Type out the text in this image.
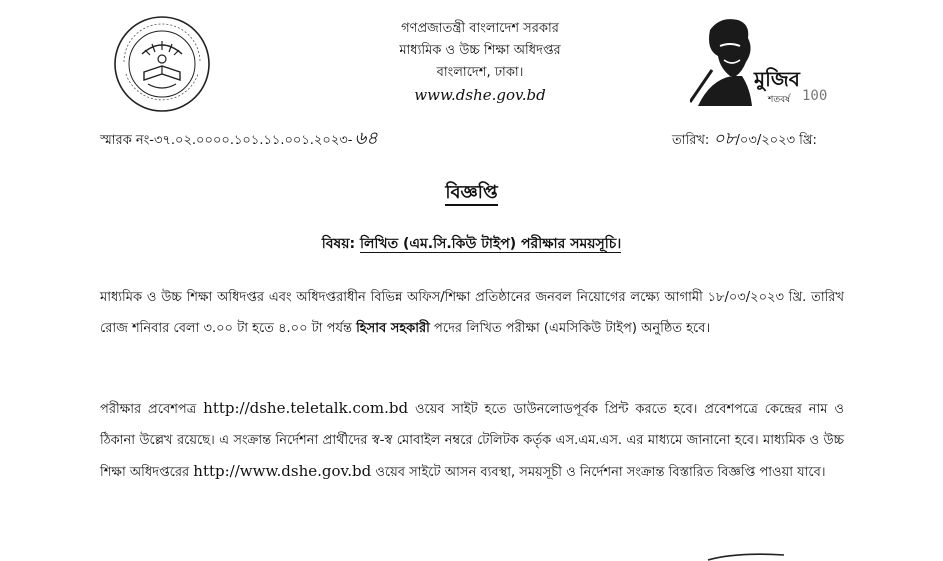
গণপ্রজাতন্ত্রী বাংলাদেশ সরকার
মাধ্যমিক ও উচ্চ শিক্ষা অধিদপ্তর
বাংলাদেশ, ঢাকা।
www.dshe.gov.bd
মুজিব
শতবর্ষ 100
স্মারক নং-৩৭.০২.০০০০.১০১.১১.০০১.২০২৩- ৬৪	তারিখ: ০৮/০৩/২০২৩ খ্রি:
বিজ্ঞপ্তি
বিষয়: লিখিত (এম.সি.কিউ টাইপ) পরীক্ষার সময়সূচি।
মাধ্যমিক ও উচ্চ শিক্ষা অধিদপ্তর এবং অধিদপ্তরাধীন বিভিন্ন অফিস/শিক্ষা প্রতিষ্ঠানের জনবল নিয়োগের লক্ষ্যে আগামী ১৮/০৩/২০২৩ খ্রি. তারিখ রোজ শনিবার বেলা ৩.০০ টা হতে ৪.০০ টা পর্যন্ত হিসাব সহকারী পদের লিখিত পরীক্ষা (এমসিকিউ টাইপ) অনুষ্ঠিত হবে।
পরীক্ষার প্রবেশপত্র http://dshe.teletalk.com.bd ওয়েব সাইট হতে ডাউনলোডপূর্বক প্রিন্ট করতে হবে। প্রবেশপত্রে কেন্দ্রের নাম ও ঠিকানা উল্লেখ রয়েছে। এ সংক্রান্ত নির্দেশনা প্রার্থীদের স্ব-স্ব মোবাইল নম্বরে টেলিটক কর্তৃক এস.এম.এস. এর মাধ্যমে জানানো হবে। মাধ্যমিক ও উচ্চ শিক্ষা অধিদপ্তরের http://www.dshe.gov.bd ওয়েব সাইটে আসন ব্যবস্থা, সময়সূচী ও নির্দেশনা সংক্রান্ত বিস্তারিত বিজ্ঞপ্তি পাওয়া যাবে।
